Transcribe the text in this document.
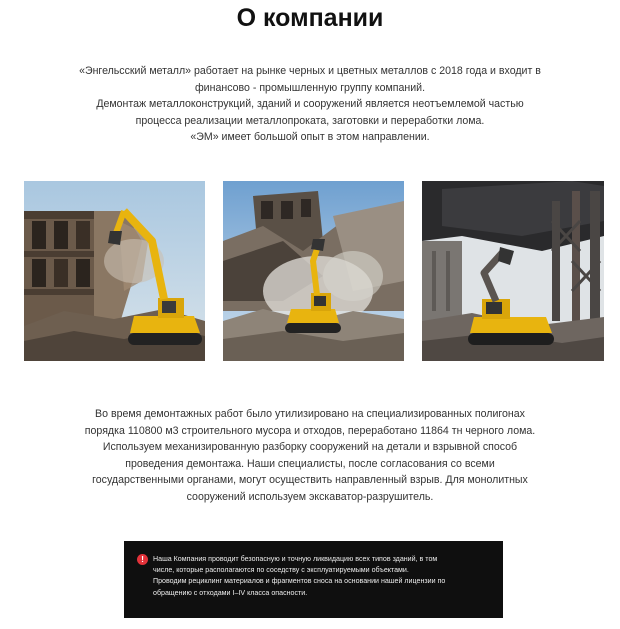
О компании
«Энгельсский металл» работает на рынке черных и цветных металлов с 2018 года и входит в
финансово - промышленную группу компаний.
Демонтаж металлоконструкций, зданий и сооружений является неотъемлемой частью
процесса реализации металлопроката, заготовки и переработки лома.
«ЭМ» имеет большой опыт в этом направлении.
Во время демонтажных работ было утилизировано на специализированных полигонах
порядка 110800 м3 строительного мусора и отходов, переработано 11864 тн черного лома.
Используем механизированную разборку сооружений на детали и взрывной способ
проведения демонтажа. Наши специалисты, после согласования со всеми
государственными органами, могут осуществить направленный взрыв. Для монолитных
сооружений используем экскаватор-разрушитель.
!	Наша Компания проводит безопасную и точную ликвидацию всех типов зданий, в том
числе, которые располагаются по соседству с эксплуатируемыми объектами.
Проводим рециклинг материалов и фрагментов сноса на основании нашей лицензии по
обращению с отходами I–IV класса опасности.
